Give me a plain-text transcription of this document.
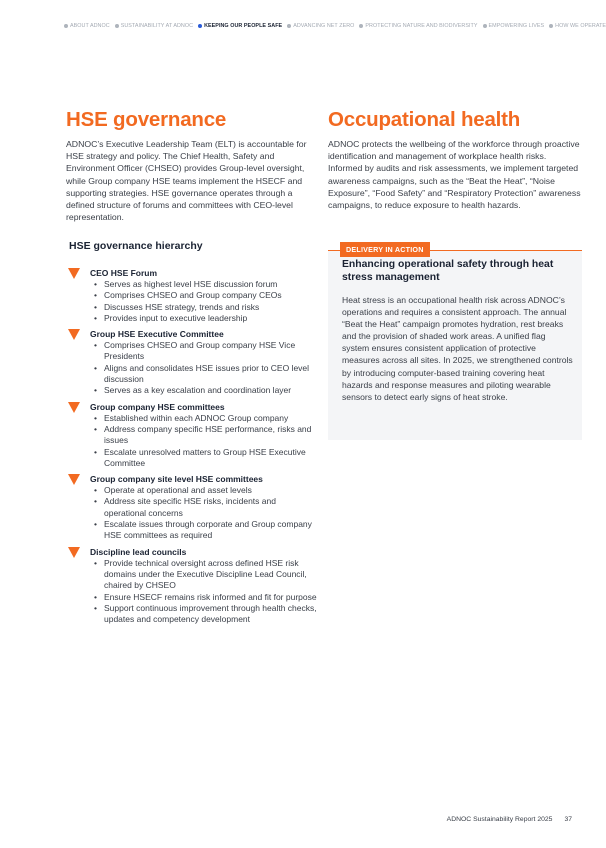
ABOUT ADNOC SUSTAINABILITY AT ADNOC KEEPING OUR PEOPLE SAFE ADVANCING NET ZERO PROTECTING NATURE AND BIODIVERSITY EMPOWERING LIVES HOW WE OPERATE
HSE governance	Occupational health

ADNOC’s Executive Leadership Team (ELT) is accountable for HSE strategy and policy. The Chief Health, Safety and Environment Officer (CHSEO) provides Group-level oversight, while Group company HSE teams implement the HSECF and supporting strategies. HSE governance operates through a defined structure of forums and committees with CEO-level representation.

ADNOC protects the wellbeing of the workforce through proactive identification and management of workplace health risks. Informed by audits and risk assessments, we implement targeted awareness campaigns, such as the “Beat the Heat”, “Noise Exposure”, “Food Safety” and “Respiratory Protection” awareness campaigns, to reduce exposure to health hazards.

HSE governance hierarchy
CEO HSE Forum
• Serves as highest level HSE discussion forum
• Comprises CHSEO and Group company CEOs
• Discusses HSE strategy, trends and risks
• Provides input to executive leadership
Group HSE Executive Committee
• Comprises CHSEO and Group company HSE Vice Presidents
• Aligns and consolidates HSE issues prior to CEO level discussion
• Serves as a key escalation and coordination layer
Group company HSE committees
• Established within each ADNOC Group company
• Address company specific HSE performance, risks and issues
• Escalate unresolved matters to Group HSE Executive Committee
Group company site level HSE committees
• Operate at operational and asset levels
• Address site specific HSE risks, incidents and operational concerns
• Escalate issues through corporate and Group company HSE committees as required
Discipline lead councils
• Provide technical oversight across defined HSE risk domains under the Executive Discipline Lead Council, chaired by CHSEO
• Ensure HSECF remains risk informed and fit for purpose
• Support continuous improvement through health checks, updates and competency development
Enhancing operational safety through heat stress management
Heat stress is an occupational health risk across ADNOC’s operations and requires a consistent approach. The annual “Beat the Heat” campaign promotes hydration, rest breaks and the provision of shaded work areas. A unified flag system ensures consistent application of protective measures across all sites. In 2025, we strengthened controls by introducing computer-based training covering heat hazards and response measures and piloting wearable sensors to detect early signs of heat stroke.
DELIVERY IN ACTION
ADNOC Sustainability Report 2025 37
